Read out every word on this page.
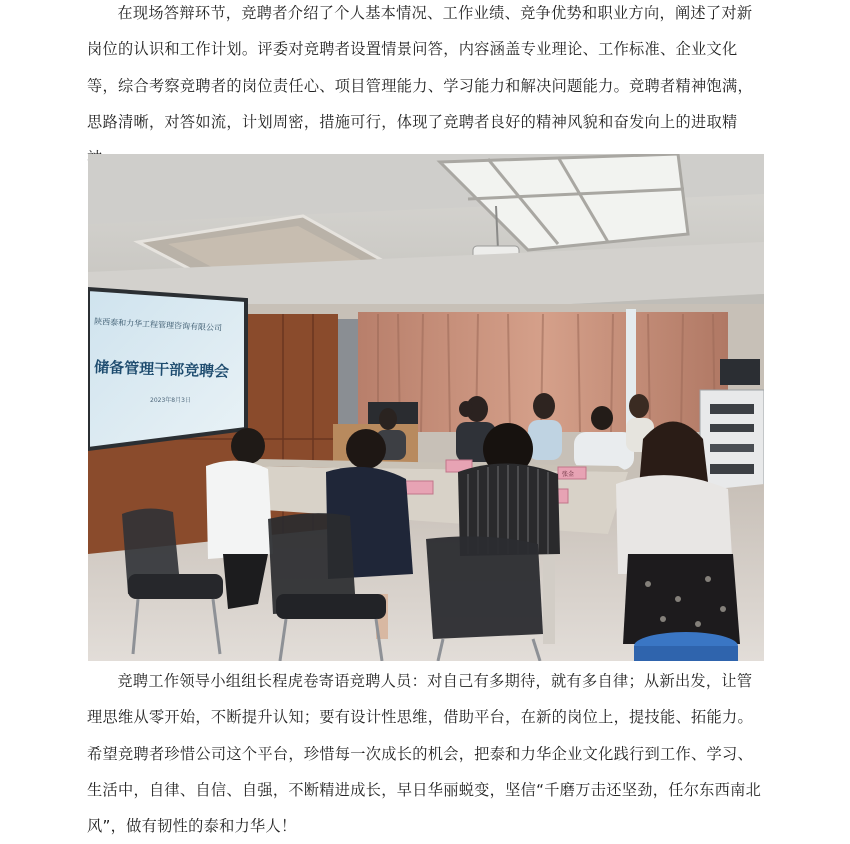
在现场答辩环节，竞聘者介绍了个人基本情况、工作业绩、竞争优势和职业方向，阐述了对新岗位的认识和工作计划。评委对竞聘者设置情景问答，内容涵盖专业理论、工作标准、企业文化等，综合考察竞聘者的岗位责任心、项目管理能力、学习能力和解决问题能力。竞聘者精神饱满，思路清晰，对答如流，计划周密，措施可行，体现了竞聘者良好的精神风貌和奋发向上的进取精

陕西泰和力华工程管理咨询有限公司
储备管理干部竞聘会
2023年8月3日
张金

竞聘工作领导小组组长程虎卷寄语竞聘人员：对自己有多期待，就有多自律；从新出发，让管理思维从零开始，不断提升认知；要有设计性思维，借助平台，在新的岗位上，提技能、拓能力。希望竞聘者珍惜公司这个平台，珍惜每一次成长的机会，把泰和力华企业文化践行到工作、学习、生活中，自律、自信、自强，不断精进成长，早日华丽蜕变，坚信“千磨万击还坚劲，任尔东西南北风”，做有韧性的泰和力华人！
